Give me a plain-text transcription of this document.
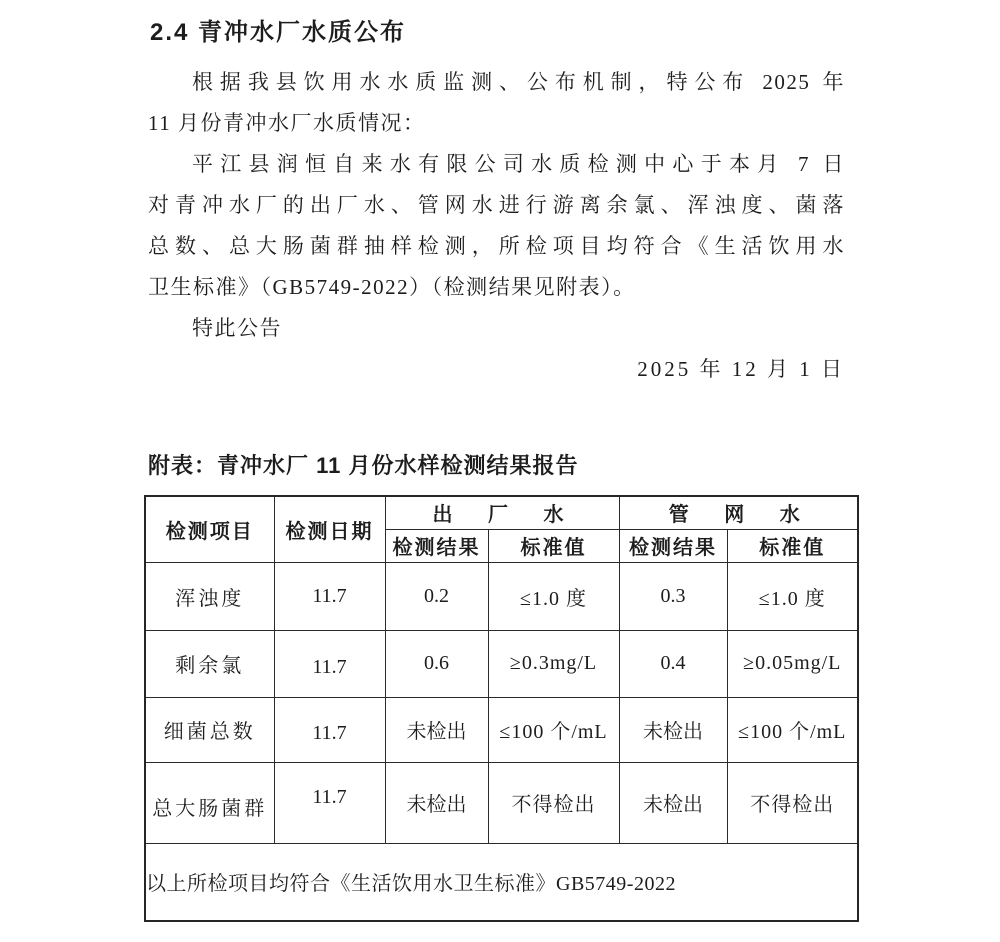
2.4 青冲水厂水质公布
根据我县饮用水水质监测、公布机制，特公布 2025 年
11 月份青冲水厂水质情况：
平江县润恒自来水有限公司水质检测中心于本月 7 日
对青冲水厂的出厂水、管网水进行游离余氯、浑浊度、菌落
总数、总大肠菌群抽样检测，所检项目均符合《生活饮用水
卫生标准》（GB5749-2022）（检测结果见附表）。
特此公告
2025 年 12 月 1 日
附表：青冲水厂 11 月份水样检测结果报告
检测项目	检测日期	出 厂 水		管 网 水	
		检测结果	标准值	检测结果	标准值
浑浊度	11.7	0.2	≤1.0 度	0.3	≤1.0 度
剩余氯	11.7	0.6	≥0.3mg/L	0.4	≥0.05mg/L
细菌总数	11.7	未检出	≤100 个/mL	未检出	≤100 个/mL
总大肠菌群	11.7	未检出	不得检出	未检出	不得检出
以上所检项目均符合《生活饮用水卫生标准》GB5749-2022					
